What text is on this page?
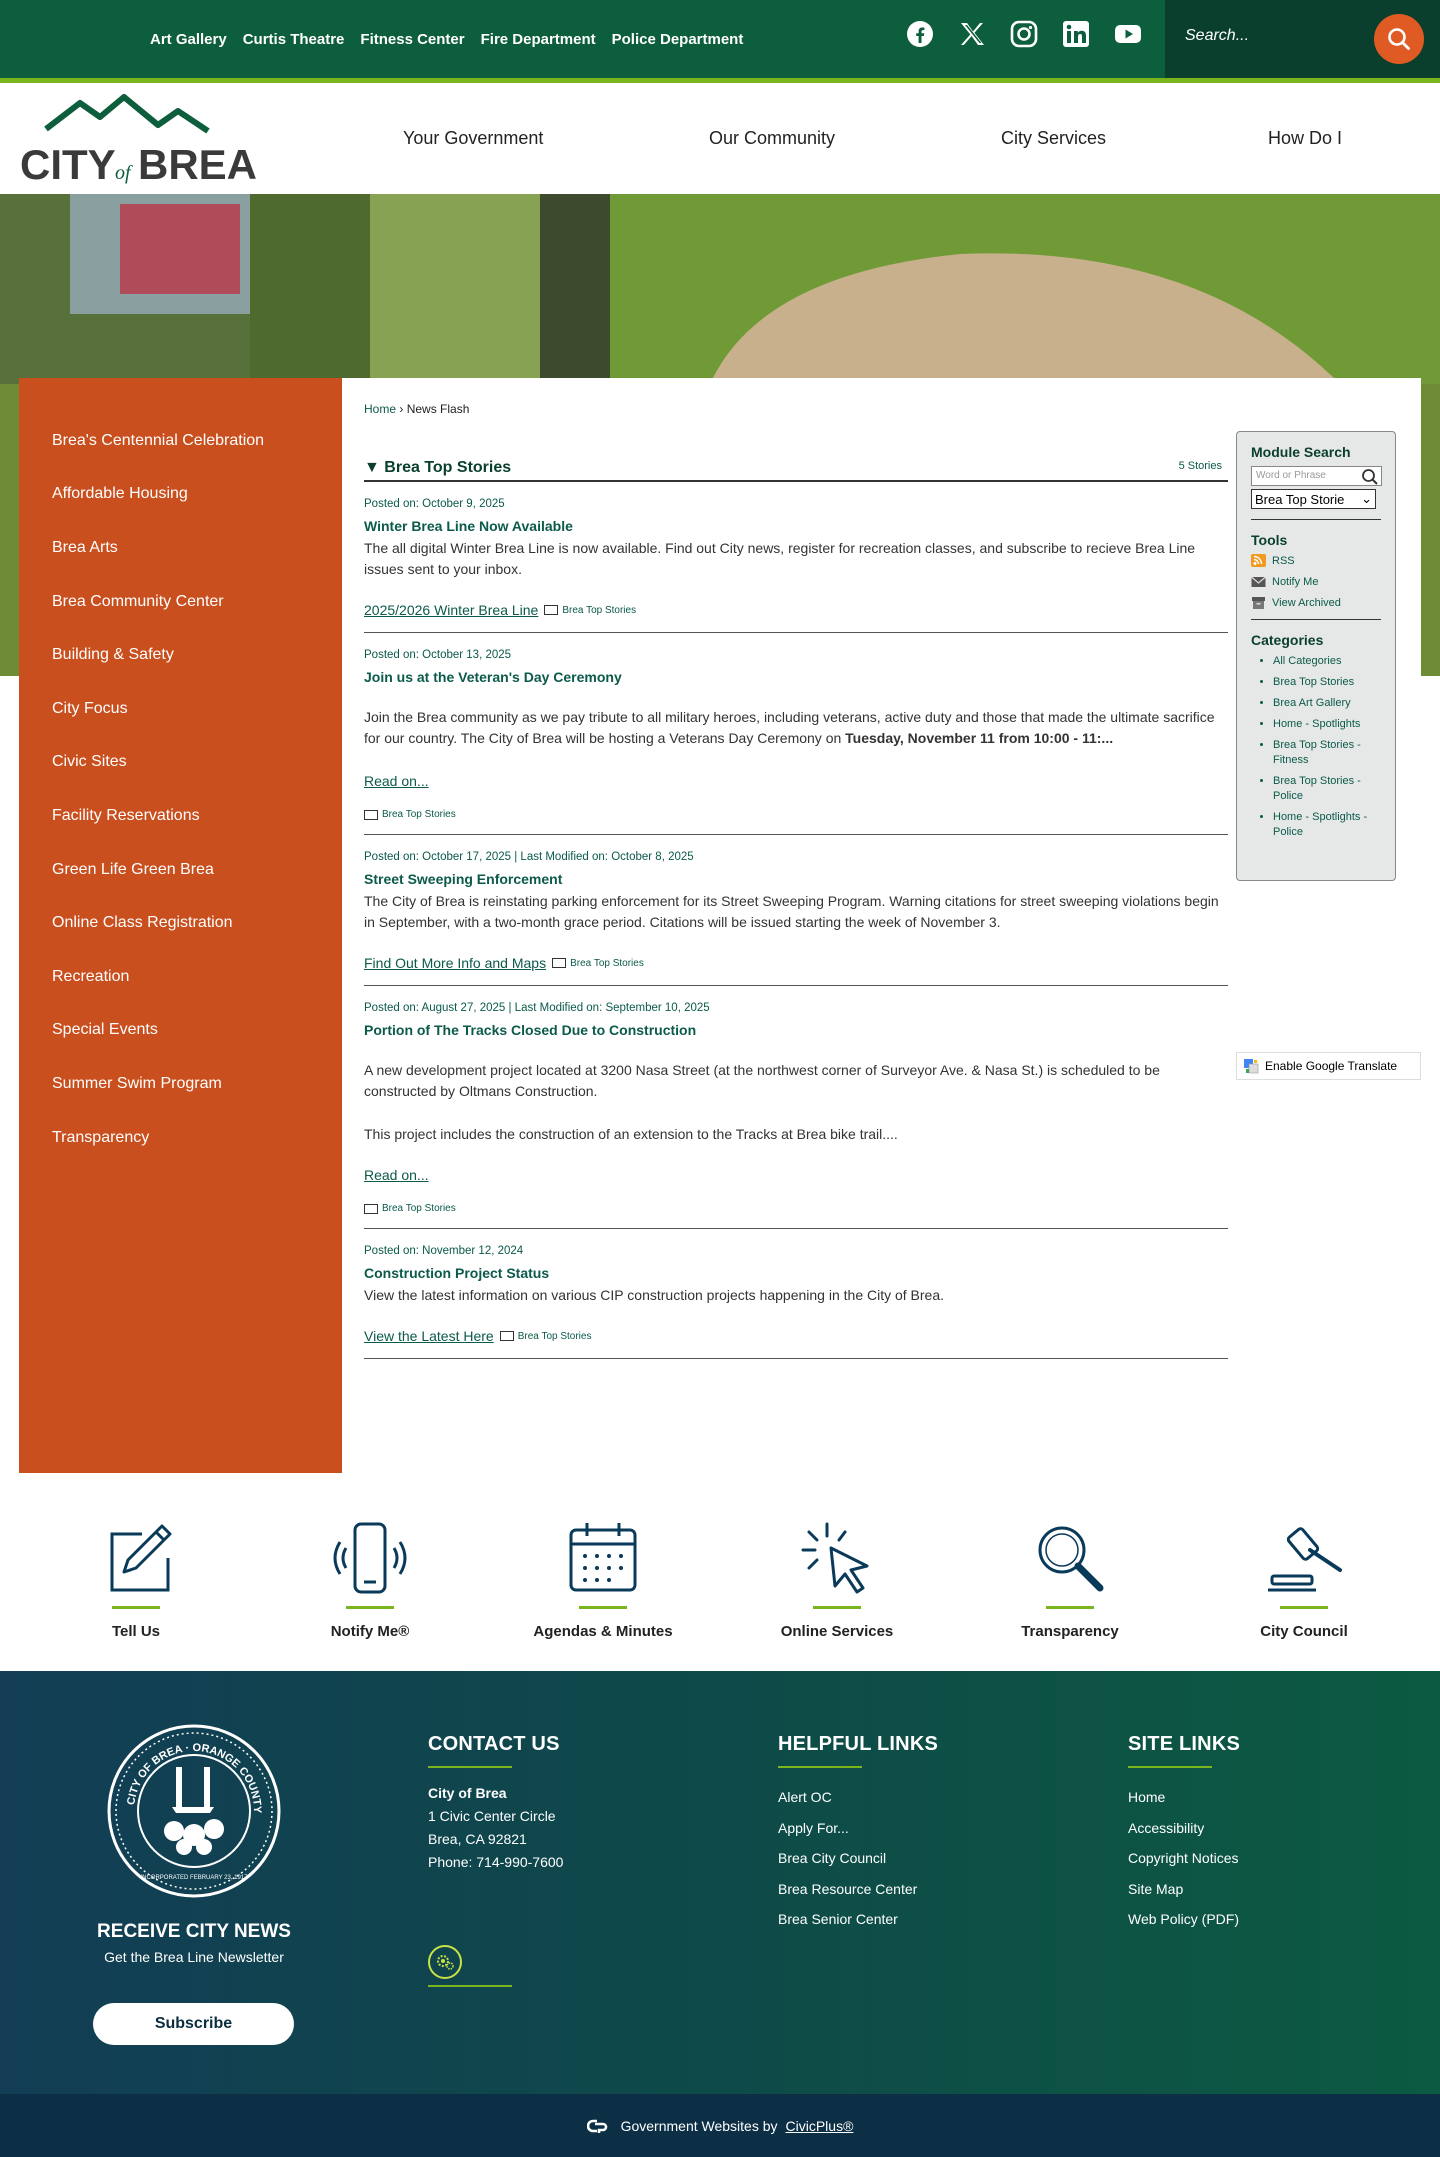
Art Gallery Curtis Theatre Fitness Center Fire Department Police Department	Search...
CITY of BREA
Your Government	Our Community	City Services	How Do I
Brea's Centennial Celebration
Affordable Housing
Brea Arts
Brea Community Center
Building & Safety
City Focus
Civic Sites
Facility Reservations
Green Life Green Brea
Online Class Registration
Recreation
Special Events
Summer Swim Program
Transparency
Home › News Flash
▼ Brea Top Stories	5 Stories
Posted on: October 9, 2025
Winter Brea Line Now Available
The all digital Winter Brea Line is now available. Find out City news, register for recreation classes, and subscribe to recieve Brea Line issues sent to your inbox.
2025/2026 Winter Brea Line Brea Top Stories
Posted on: October 13, 2025
Join us at the Veteran's Day Ceremony
Join the Brea community as we pay tribute to all military heroes, including veterans, active duty and those that made the ultimate sacrifice for our country. The City of Brea will be hosting a Veterans Day Ceremony on Tuesday, November 11 from 10:00 - 11:...
Read on...
Brea Top Stories
Posted on: October 17, 2025 | Last Modified on: October 8, 2025
Street Sweeping Enforcement
The City of Brea is reinstating parking enforcement for its Street Sweeping Program. Warning citations for street sweeping violations begin in September, with a two-month grace period. Citations will be issued starting the week of November 3.
Find Out More Info and Maps Brea Top Stories
Posted on: August 27, 2025 | Last Modified on: September 10, 2025
Portion of The Tracks Closed Due to Construction
A new development project located at 3200 Nasa Street (at the northwest corner of Surveyor Ave. & Nasa St.) is scheduled to be constructed by Oltmans Construction.
This project includes the construction of an extension to the Tracks at Brea bike trail....
Read on...
Brea Top Stories
Posted on: November 12, 2024
Construction Project Status
View the latest information on various CIP construction projects happening in the City of Brea.
View the Latest Here Brea Top Stories
Module Search
Word or Phrase
Brea Top Storie ⌄
Tools
RSS
Notify Me
View Archived
Categories
• All Categories
• Brea Top Stories
• Brea Art Gallery
• Home - Spotlights
• Brea Top Stories - Fitness
• Brea Top Stories - Police
• Home - Spotlights - Police
Enable Google Translate
Tell Us	Notify Me®	Agendas & Minutes	Online Services	Transparency	City Council
CITY OF BREA · ORANGE COUNTY
INCORPORATED FEBRUARY 23, 1917
RECEIVE CITY NEWS
Get the Brea Line Newsletter
Subscribe
CONTACT US
City of Brea
1 Civic Center Circle
Brea, CA 92821
Phone: 714-990-7600
HELPFUL LINKS
Alert OC
Apply For...
Brea City Council
Brea Resource Center
Brea Senior Center
SITE LINKS
Home
Accessibility
Copyright Notices
Site Map
Web Policy (PDF)
Government Websites by CivicPlus®
